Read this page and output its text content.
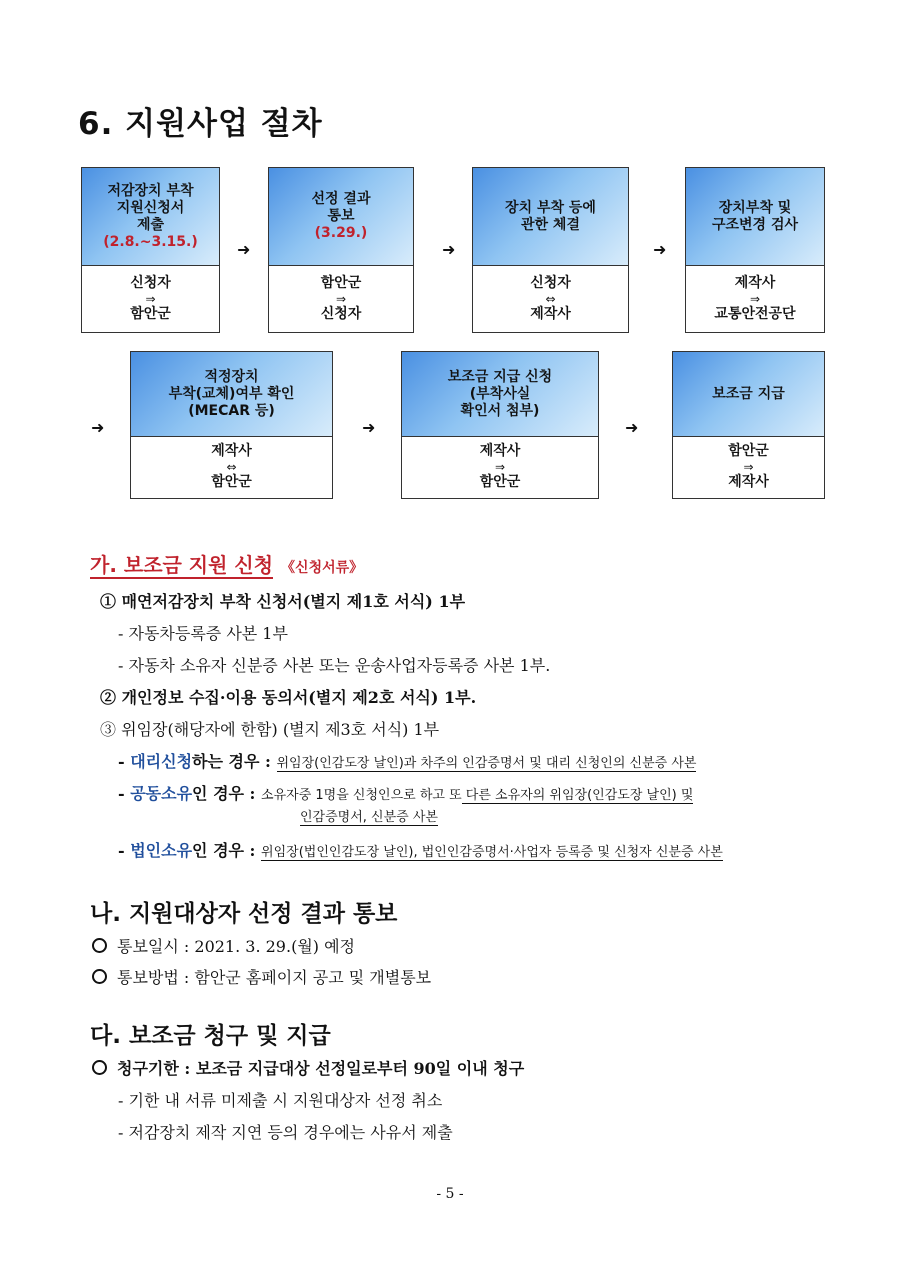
6. 지원사업 절차
저감장치 부착
지원신청서
제출
(2.8.~3.15.)
신청자
⇒
함안군
➜
선정 결과
통보
(3.29.)
함안군
⇒
신청자
➜
장치 부착 등에
관한 체결
신청자
⇔
제작사
➜
장치부착 및
구조변경 검사
제작사
⇒
교통안전공단
➜
적정장치
부착(교체)여부 확인
(MECAR 등)
제작사
⇔
함안군
➜
보조금 지급 신청
(부착사실
확인서 첨부)
제작사
⇒
함안군
➜
보조금 지급
함안군
⇒
제작사
가. 보조금 지원 신청 《신청서류》
① 매연저감장치 부착 신청서(별지 제1호 서식) 1부
- 자동차등록증 사본 1부
- 자동차 소유자 신분증 사본 또는 운송사업자등록증 사본 1부.
② 개인정보 수집·이용 동의서(별지 제2호 서식) 1부.
③ 위임장(해당자에 한함) (별지 제3호 서식) 1부
- 대리신청하는 경우 : 위임장(인감도장 날인)과 차주의 인감증명서 및 대리 신청인의 신분증 사본
- 공동소유인 경우 : 소유자중 1명을 신청인으로 하고 또 다른 소유자의 위임장(인감도장 날인) 및
인감증명서, 신분증 사본
- 법인소유인 경우 : 위임장(법인인감도장 날인), 법인인감증명서·사업자 등록증 및 신청자 신분증 사본
나. 지원대상자 선정 결과 통보
통보일시 : 2021. 3. 29.(월) 예정
통보방법 : 함안군 홈페이지 공고 및 개별통보
다. 보조금 청구 및 지급
청구기한 : 보조금 지급대상 선정일로부터 90일 이내 청구
- 기한 내 서류 미제출 시 지원대상자 선정 취소
- 저감장치 제작 지연 등의 경우에는 사유서 제출
- 5 -
